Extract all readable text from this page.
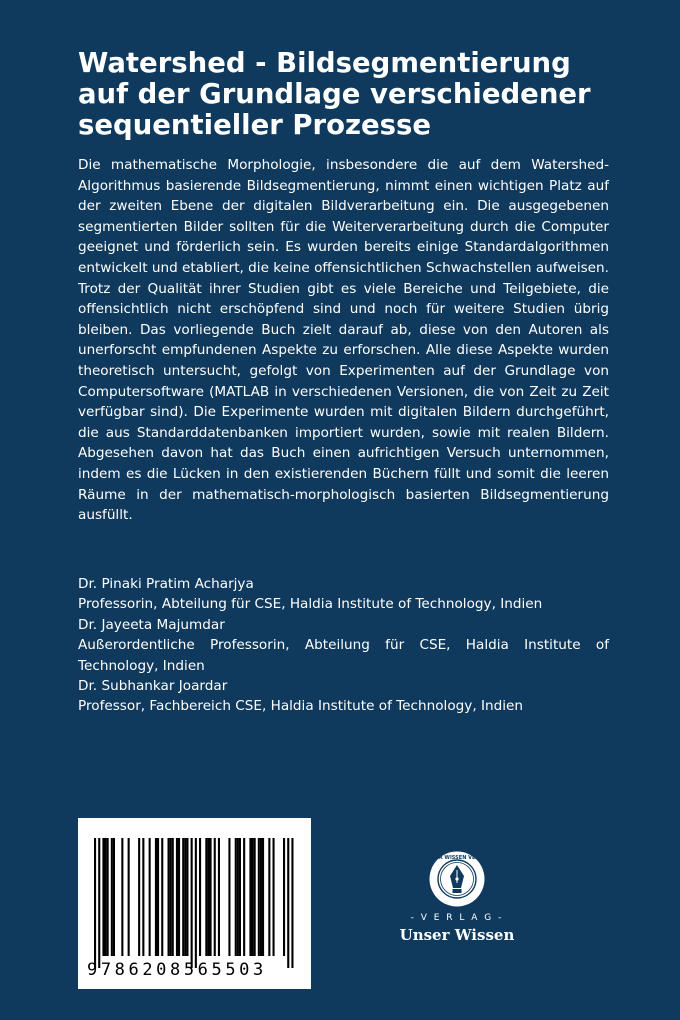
Watershed - Bildsegmentierung
auf der Grundlage verschiedener
sequentieller Prozesse

Die mathematische Morphologie, insbesondere die auf dem Watershed-Algorithmus basierende Bildsegmentierung, nimmt einen wichtigen Platz auf der zweiten Ebene der digitalen Bildverarbeitung ein. Die ausgegebenen segmentierten Bilder sollten für die Weiterverarbeitung durch die Computer geeignet und förderlich sein. Es wurden bereits einige Standardalgorithmen entwickelt und etabliert, die keine offensichtlichen Schwachstellen aufweisen. Trotz der Qualität ihrer Studien gibt es viele Bereiche und Teilgebiete, die offensichtlich nicht erschöpfend sind und noch für weitere Studien übrig bleiben. Das vorliegende Buch zielt darauf ab, diese von den Autoren als unerforscht empfundenen Aspekte zu erforschen. Alle diese Aspekte wurden theoretisch untersucht, gefolgt von Experimenten auf der Grundlage von Computersoftware (MATLAB in verschiedenen Versionen, die von Zeit zu Zeit verfügbar sind). Die Experimente wurden mit digitalen Bildern durchgeführt, die aus Standarddatenbanken importiert wurden, sowie mit realen Bildern. Abgesehen davon hat das Buch einen aufrichtigen Versuch unternommen, indem es die Lücken in den existierenden Büchern füllt und somit die leeren Räume in der mathematisch-morphologisch basierten Bildsegmentierung ausfüllt.

Dr. Pinaki Pratim Acharjya
Professorin, Abteilung für CSE, Haldia Institute of Technology, Indien
Dr. Jayeeta Majumdar
Außerordentliche Professorin, Abteilung für CSE, Haldia Institute of Technology, Indien
Dr. Subhankar Joardar
Professor, Fachbereich CSE, Haldia Institute of Technology, Indien
9786208565503
UNSER WISSEN VERLAG
- V E R L A G -
Unser Wissen
